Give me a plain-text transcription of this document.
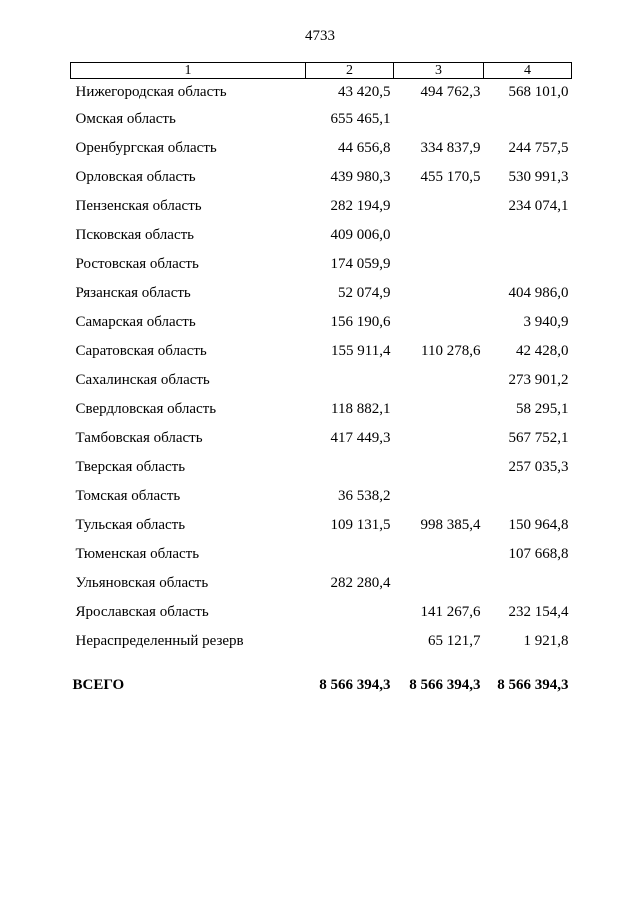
4733
1	2	3	4
Нижегородская область	43 420,5	494 762,3	568 101,0
Омская область	655 465,1		
Оренбургская область	44 656,8	334 837,9	244 757,5
Орловская область	439 980,3	455 170,5	530 991,3
Пензенская область	282 194,9		234 074,1
Псковская область	409 006,0		
Ростовская область	174 059,9		
Рязанская область	52 074,9		404 986,0
Самарская область	156 190,6		3 940,9
Саратовская область	155 911,4	110 278,6	42 428,0
Сахалинская область			273 901,2
Свердловская область	118 882,1		58 295,1
Тамбовская область	417 449,3		567 752,1
Тверская область			257 035,3
Томская область	36 538,2		
Тульская область	109 131,5	998 385,4	150 964,8
Тюменская область			107 668,8
Ульяновская область	282 280,4		
Ярославская область		141 267,6	232 154,4
Нераспределенный резерв		65 121,7	1 921,8
ВСЕГО	8 566 394,3	8 566 394,3	8 566 394,3
